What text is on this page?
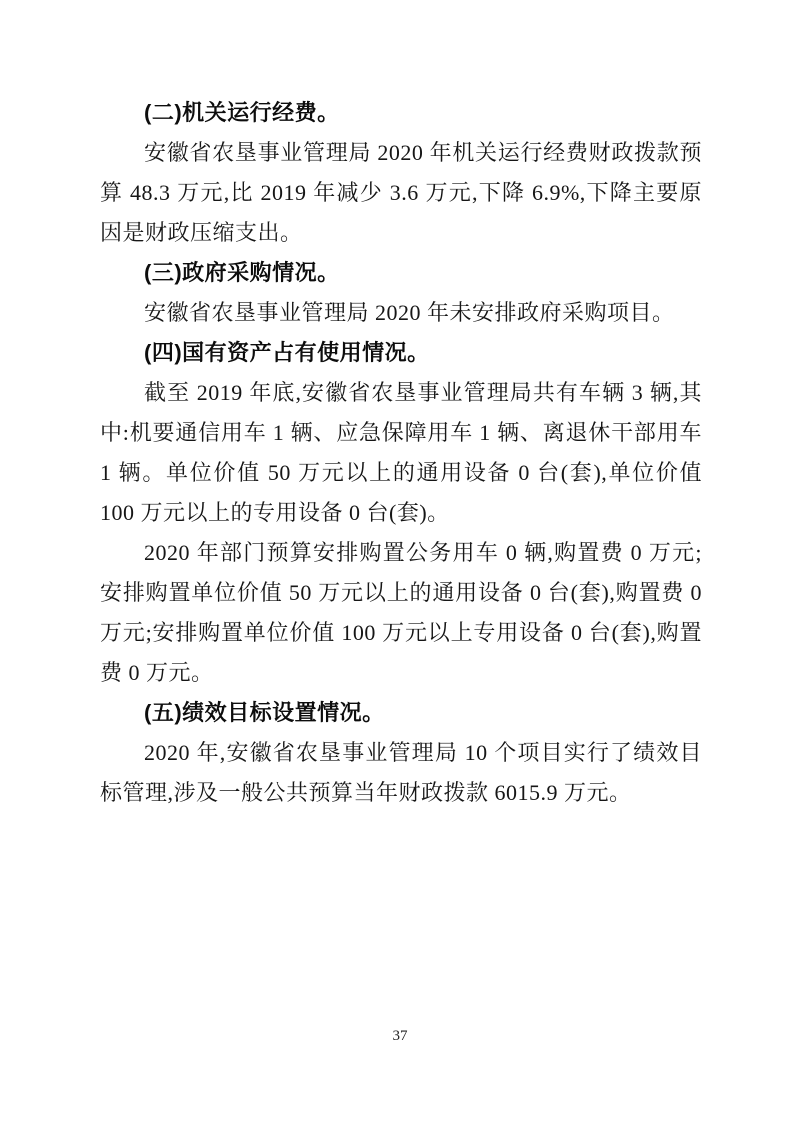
(二)机关运行经费。
安徽省农垦事业管理局 2020 年机关运行经费财政拨款预算 48.3 万元,比 2019 年减少 3.6 万元,下降 6.9%,下降主要原因是财政压缩支出。
(三)政府采购情况。
安徽省农垦事业管理局 2020 年未安排政府采购项目。
(四)国有资产占有使用情况。
截至 2019 年底,安徽省农垦事业管理局共有车辆 3 辆,其中:机要通信用车 1 辆、应急保障用车 1 辆、离退休干部用车 1 辆。单位价值 50 万元以上的通用设备 0 台(套),单位价值 100 万元以上的专用设备 0 台(套)。
2020 年部门预算安排购置公务用车 0 辆,购置费 0 万元;安排购置单位价值 50 万元以上的通用设备 0 台(套),购置费 0 万元;安排购置单位价值 100 万元以上专用设备 0 台(套),购置费 0 万元。
(五)绩效目标设置情况。
2020 年,安徽省农垦事业管理局 10 个项目实行了绩效目标管理,涉及一般公共预算当年财政拨款 6015.9 万元。
37
